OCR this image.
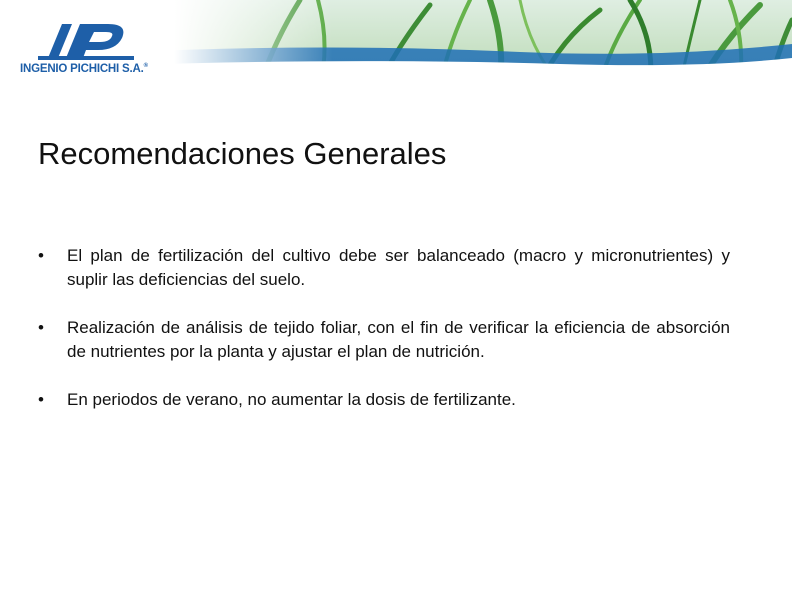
INGENIO PICHICHI S.A.®
Recomendaciones Generales
•	El plan de fertilización del cultivo debe ser balanceado (macro y micronutrientes) y suplir las deficiencias del suelo.
•	Realización de análisis de tejido foliar, con el fin de verificar la eficiencia de absorción de nutrientes por la planta y ajustar el plan de nutrición.
•	En periodos de verano, no aumentar la dosis de fertilizante.
